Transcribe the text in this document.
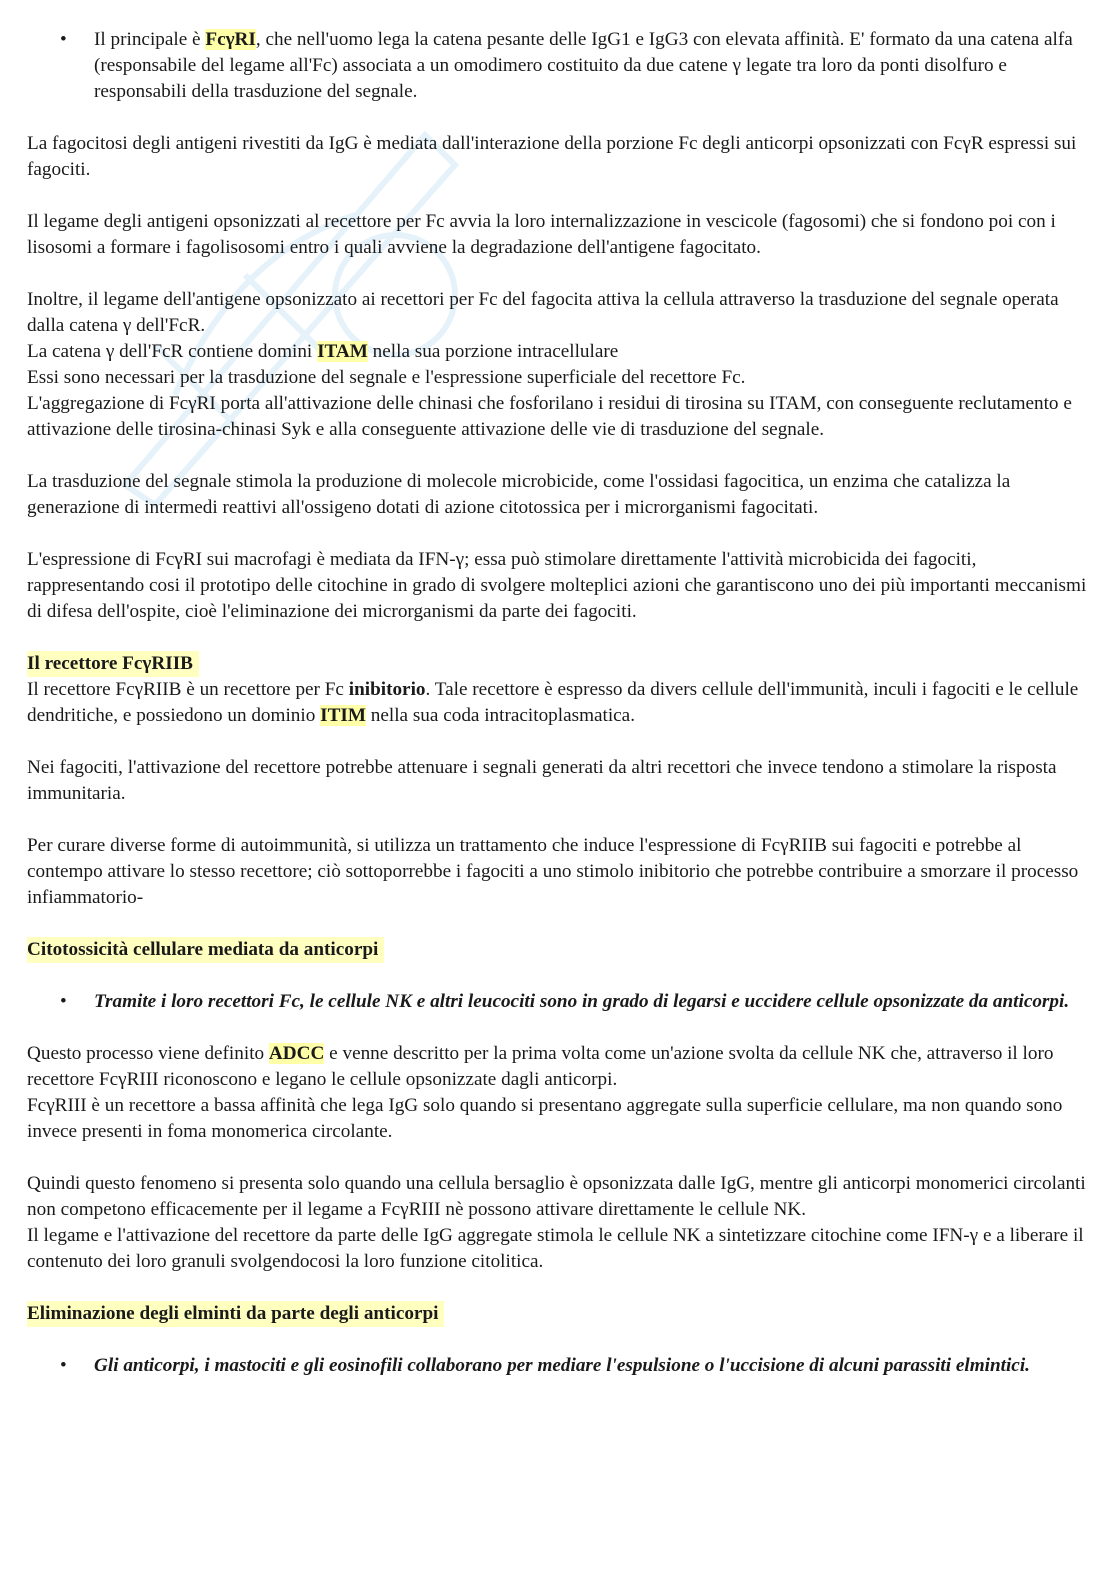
• Il principale è FcγRI, che nell'uomo lega la catena pesante delle IgG1 e IgG3 con elevata affinità. E' formato da una catena alfa (responsabile del legame all'Fc) associata a un omodimero costituito da due catene γ legate tra loro da ponti disolfuro e responsabili della trasduzione del segnale.

La fagocitosi degli antigeni rivestiti da IgG è mediata dall'interazione della porzione Fc degli anticorpi opsonizzati con FcγR espressi sui fagociti.

Il legame degli antigeni opsonizzati al recettore per Fc avvia la loro internalizzazione in vescicole (fagosomi) che si fondono poi con i lisosomi a formare i fagolisosomi entro i quali avviene la degradazione dell'antigene fagocitato.

Inoltre, il legame dell'antigene opsonizzato ai recettori per Fc del fagocita attiva la cellula attraverso la trasduzione del segnale operata dalla catena γ dell'FcR.

La catena γ dell'FcR contiene domini ITAM nella sua porzione intracellulare

Essi sono necessari per la trasduzione del segnale e l'espressione superficiale del recettore Fc.

L'aggregazione di FcγRI porta all'attivazione delle chinasi che fosforilano i residui di tirosina su ITAM, con conseguente reclutamento e attivazione delle tirosina-chinasi Syk e alla conseguente attivazione delle vie di trasduzione del segnale.

La trasduzione del segnale stimola la produzione di molecole microbicide, come l'ossidasi fagocitica, un enzima che catalizza la generazione di intermedi reattivi all'ossigeno dotati di azione citotossica per i microrganismi fagocitati.

L'espressione di FcγRI sui macrofagi è mediata da IFN-γ; essa può stimolare direttamente l'attività microbicida dei fagociti, rappresentando cosi il prototipo delle citochine in grado di svolgere molteplici azioni che garantiscono uno dei più importanti meccanismi di difesa dell'ospite, cioè l'eliminazione dei microrganismi da parte dei fagociti.

Il recettore FcγRIIB

Il recettore FcγRIIB è un recettore per Fc inibitorio. Tale recettore è espresso da divers cellule dell'immunità, inculi i fagociti e le cellule dendritiche, e possiedono un dominio ITIM nella sua coda intracitoplasmatica.

Nei fagociti, l'attivazione del recettore potrebbe attenuare i segnali generati da altri recettori che invece tendono a stimolare la risposta immunitaria.

Per curare diverse forme di autoimmunità, si utilizza un trattamento che induce l'espressione di FcγRIIB sui fagociti e potrebbe al contempo attivare lo stesso recettore; ciò sottoporrebbe i fagociti a uno stimolo inibitorio che potrebbe contribuire a smorzare il processo infiammatorio-

Citotossicità cellulare mediata da anticorpi
• Tramite i loro recettori Fc, le cellule NK e altri leucociti sono in grado di legarsi e uccidere cellule opsonizzate da anticorpi.

Questo processo viene definito ADCC e venne descritto per la prima volta come un'azione svolta da cellule NK che, attraverso il loro recettore FcγRIII riconoscono e legano le cellule opsonizzate dagli anticorpi.

FcγRIII è un recettore a bassa affinità che lega IgG solo quando si presentano aggregate sulla superficie cellulare, ma non quando sono invece presenti in foma monomerica circolante.

Quindi questo fenomeno si presenta solo quando una cellula bersaglio è opsonizzata dalle IgG, mentre gli anticorpi monomerici circolanti non competono efficacemente per il legame a FcγRIII nè possono attivare direttamente le cellule NK.

Il legame e l'attivazione del recettore da parte delle IgG aggregate stimola le cellule NK a sintetizzare citochine come IFN-γ e a liberare il contenuto dei loro granuli svolgendocosi la loro funzione citolitica.

Eliminazione degli elminti da parte degli anticorpi
• Gli anticorpi, i mastociti e gli eosinofili collaborano per mediare l'espulsione o l'uccisione di alcuni parassiti elmintici.
